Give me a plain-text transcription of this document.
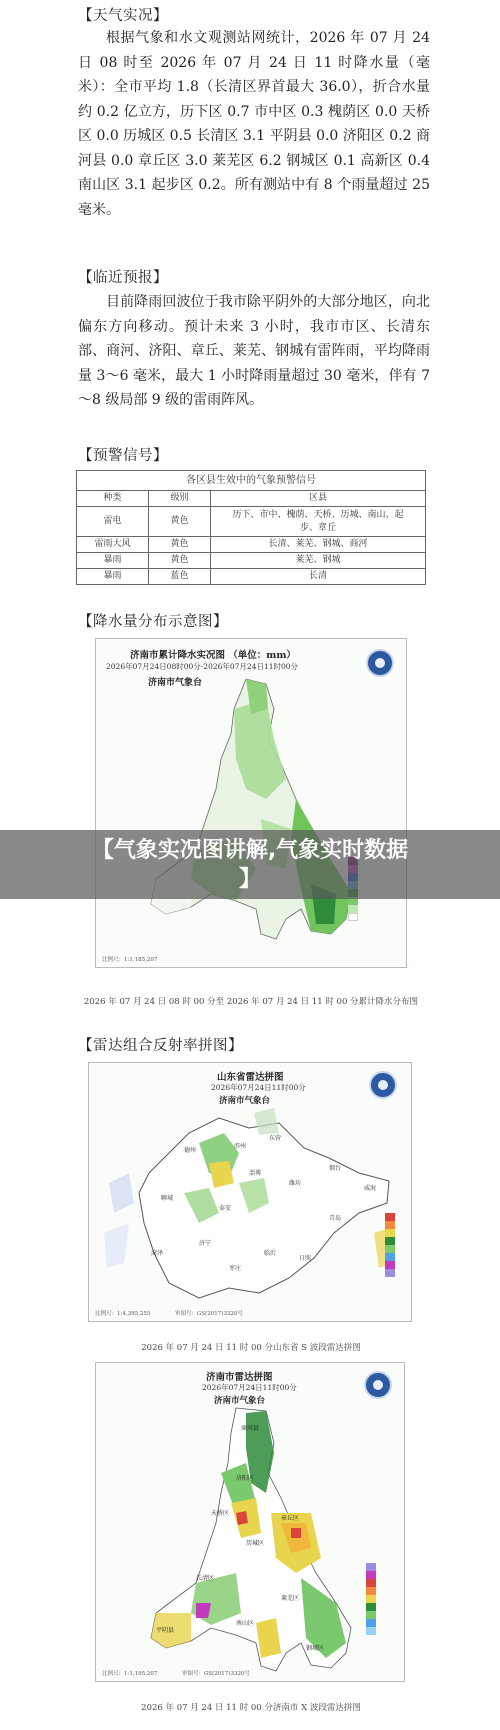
【天气实况】
根据气象和水文观测站网统计，2026 年 07 月 24 日 08 时至 2026 年 07 月 24 日 11 时降水量（毫米）：全市平均 1.8（长清区界首最大 36.0），折合水量约 0.2 亿立方，历下区 0.7 市中区 0.3 槐荫区 0.0 天桥区 0.0 历城区 0.5 长清区 3.1 平阴县 0.0 济阳区 0.2 商河县 0.0 章丘区 3.0 莱芜区 6.2 钢城区 0.1 高新区 0.4 南山区 3.1 起步区 0.2。所有测站中有 8 个雨量超过 25 毫米。
【临近预报】
目前降雨回波位于我市除平阴外的大部分地区，向北偏东方向移动。预计未来 3 小时，我市市区、长清东部、商河、济阳、章丘、莱芜、钢城有雷阵雨，平均降雨量 3～6 毫米，最大 1 小时降雨量超过 30 毫米，伴有 7～8 级局部 9 级的雷雨阵风。
【预警信号】
各区县生效中的气象预警信号		
种类	级别	区县
雷电	黄色	历下、市中、槐荫、天桥、历城、南山、起步、章丘
雷雨大风	黄色	长清、莱芜、钢城、商河
暴雨	黄色	莱芜、钢城
暴雨	蓝色	长清
【降水量分布示意图】
济南市累计降水实况图 （单位：mm）
2026年07月24日08时00分-2026年07月24日11时00分
济南市气象台
比例尺：1:1,185,207
2026 年 07 月 24 日 08 时 00 分至 2026 年 07 月 24 日 11 时 00 分累计降水分布图
【雷达组合反射率拼图】
山东省雷达拼图
2026年07月24日11时00分
济南市气象台
德州
东营
滨州
烟台
威海
潍坊
青岛
聊城
泰安
济宁
临沂
日照
菏泽
枣庄
淄博
比例尺：1:4,395,255	审图号：GS(2017)3320号
2026 年 07 月 24 日 11 时 00 分山东省 S 波段雷达拼图
济南市雷达拼图
2026年07月24日11时00分
济南市气象台
商河县
济阳区
天桥区
历城区
章丘区
长清区
莱芜区
平阴县
钢城区
南山区
比例尺：1:1,195,207	审图号：GS(2017)3320号
2026 年 07 月 24 日 11 时 00 分济南市 X 波段雷达拼图
【气象实况图讲解,气象实时数据
】
